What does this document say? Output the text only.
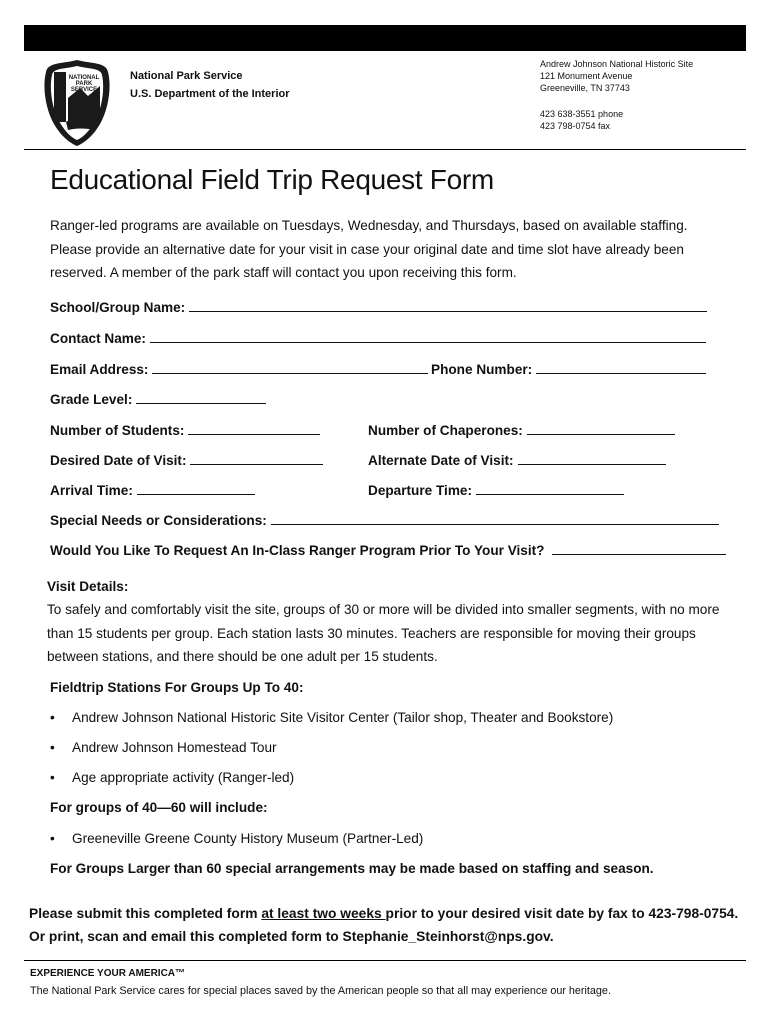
NATIONAL
PARK
SERVICE
National Park Service
U.S. Department of the Interior
Andrew Johnson National Historic Site
121 Monument Avenue
Greeneville, TN 37743
423 638-3551 phone
423 798-0754 fax
Educational Field Trip Request Form
Ranger-led programs are available on Tuesdays, Wednesday, and Thursdays, based on available staffing. Please provide an alternative date for your visit in case your original date and time slot have already been reserved. A member of the park staff will contact you upon receiving this form.
School/Group Name:
Contact Name:
Email Address:	Phone Number:
Grade Level:
Number of Students:	Number of Chaperones:
Desired Date of Visit:	Alternate Date of Visit:
Arrival Time:	Departure Time:
Special Needs or Considerations:
Would You Like To Request An In-Class Ranger Program Prior To Your Visit?
Visit Details:
To safely and comfortably visit the site, groups of 30 or more will be divided into smaller segments, with no more than 15 students per group. Each station lasts 30 minutes. Teachers are responsible for moving their groups between stations, and there should be one adult per 15 students.
Fieldtrip Stations For Groups Up To 40:
• Andrew Johnson National Historic Site Visitor Center (Tailor shop, Theater and Bookstore)
• Andrew Johnson Homestead Tour
• Age appropriate activity (Ranger-led)
For groups of 40—60 will include:
• Greeneville Greene County History Museum (Partner-Led)
For Groups Larger than 60 special arrangements may be made based on staffing and season.
Please submit this completed form at least two weeks prior to your desired visit date by fax to 423-798-0754.
Or print, scan and email this completed form to Stephanie_Steinhorst@nps.gov.
EXPERIENCE YOUR AMERICA™
The National Park Service cares for special places saved by the American people so that all may experience our heritage.
